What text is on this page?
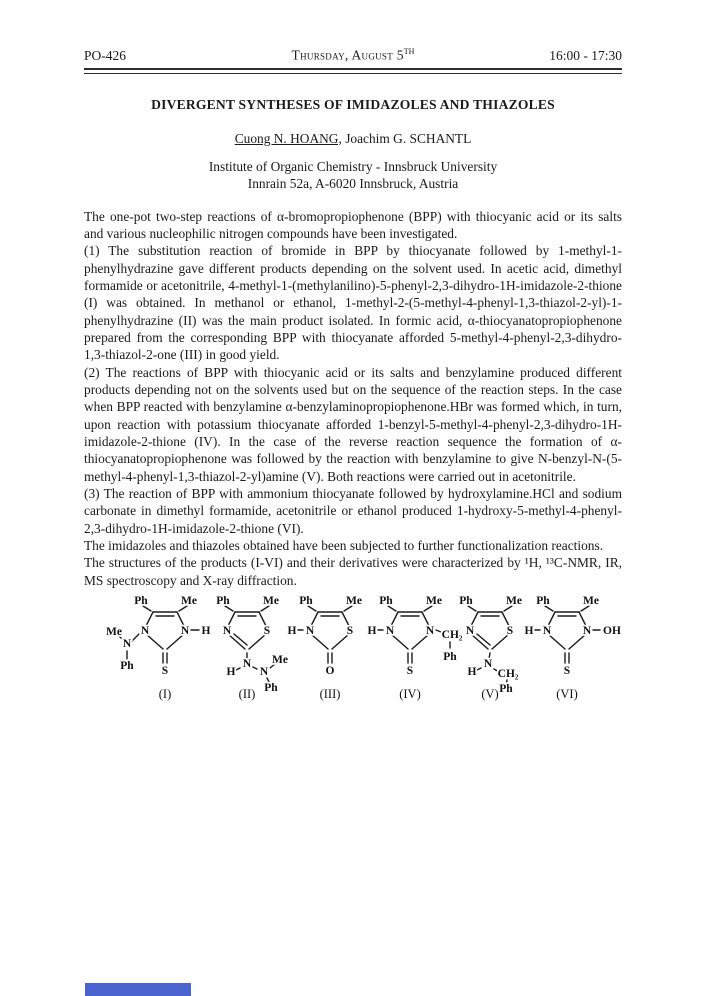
PO-426	Thursday, August 5TH	16:00 - 17:30
DIVERGENT SYNTHESES OF IMIDAZOLES AND THIAZOLES
Cuong N. HOANG, Joachim G. SCHANTL
Institute of Organic Chemistry - Innsbruck University
Innrain 52a, A-6020 Innsbruck, Austria

The one-pot two-step reactions of α-bromopropiophenone (BPP) with thiocyanic acid or its salts and various nucleophilic nitrogen compounds have been investigated.

(1) The substitution reaction of bromide in BPP by thiocyanate followed by 1-methyl-1-phenylhydrazine gave different products depending on the solvent used. In acetic acid, dimethyl formamide or acetonitrile, 4-methyl-1-(methylanilino)-5-phenyl-2,3-dihydro-1H-imidazole-2-thione (I) was obtained. In methanol or ethanol, 1-methyl-2-(5-methyl-4-phenyl-1,3-thiazol-2-yl)-1-phenylhydrazine (II) was the main product isolated. In formic acid, α-thiocyanatopropiophenone prepared from the corresponding BPP with thiocyanate afforded 5-methyl-4-phenyl-2,3-dihydro-1,3-thiazol-2-one (III) in good yield.

(2) The reactions of BPP with thiocyanic acid or its salts and benzylamine produced different products depending not on the solvents used but on the sequence of the reaction steps. In the case when BPP reacted with benzylamine α-benzylaminopropiophenone.HBr was formed which, in turn, upon reaction with potassium thiocyanate afforded 1-benzyl-5-methyl-4-phenyl-2,3-dihydro-1H-imidazole-2-thione (IV). In the case of the reverse reaction sequence the formation of α-thiocyanatopropiophenone was followed by the reaction with benzylamine to give N-benzyl-N-(5-methyl-4-phenyl-1,3-thiazol-2-yl)amine (V). Both reactions were carried out in acetonitrile.

(3) The reaction of BPP with ammonium thiocyanate followed by hydroxylamine.HCl and sodium carbonate in dimethyl formamide, acetonitrile or ethanol produced 1-hydroxy-5-methyl-4-phenyl-2,3-dihydro-1H-imidazole-2-thione (VI).

The imidazoles and thiazoles obtained have been subjected to further functionalization reactions.

The structures of the products (I-VI) and their derivatives were characterized by ¹H, ¹³C-NMR, IR, MS spectroscopy and X-ray diffraction.

Ph	Me
N	N H
S
N
Me
Ph
(I)
Ph	Me
N	S
N
H N
Me
Ph
(II)
Ph	Me
H N	S
O
(III)
Ph	Me
H N	N CH₂
Ph
S
(IV)
Ph	Me
N	S
N
H CH₂
Ph
(V)
Ph	Me
H N	N OH
S
(VI)
